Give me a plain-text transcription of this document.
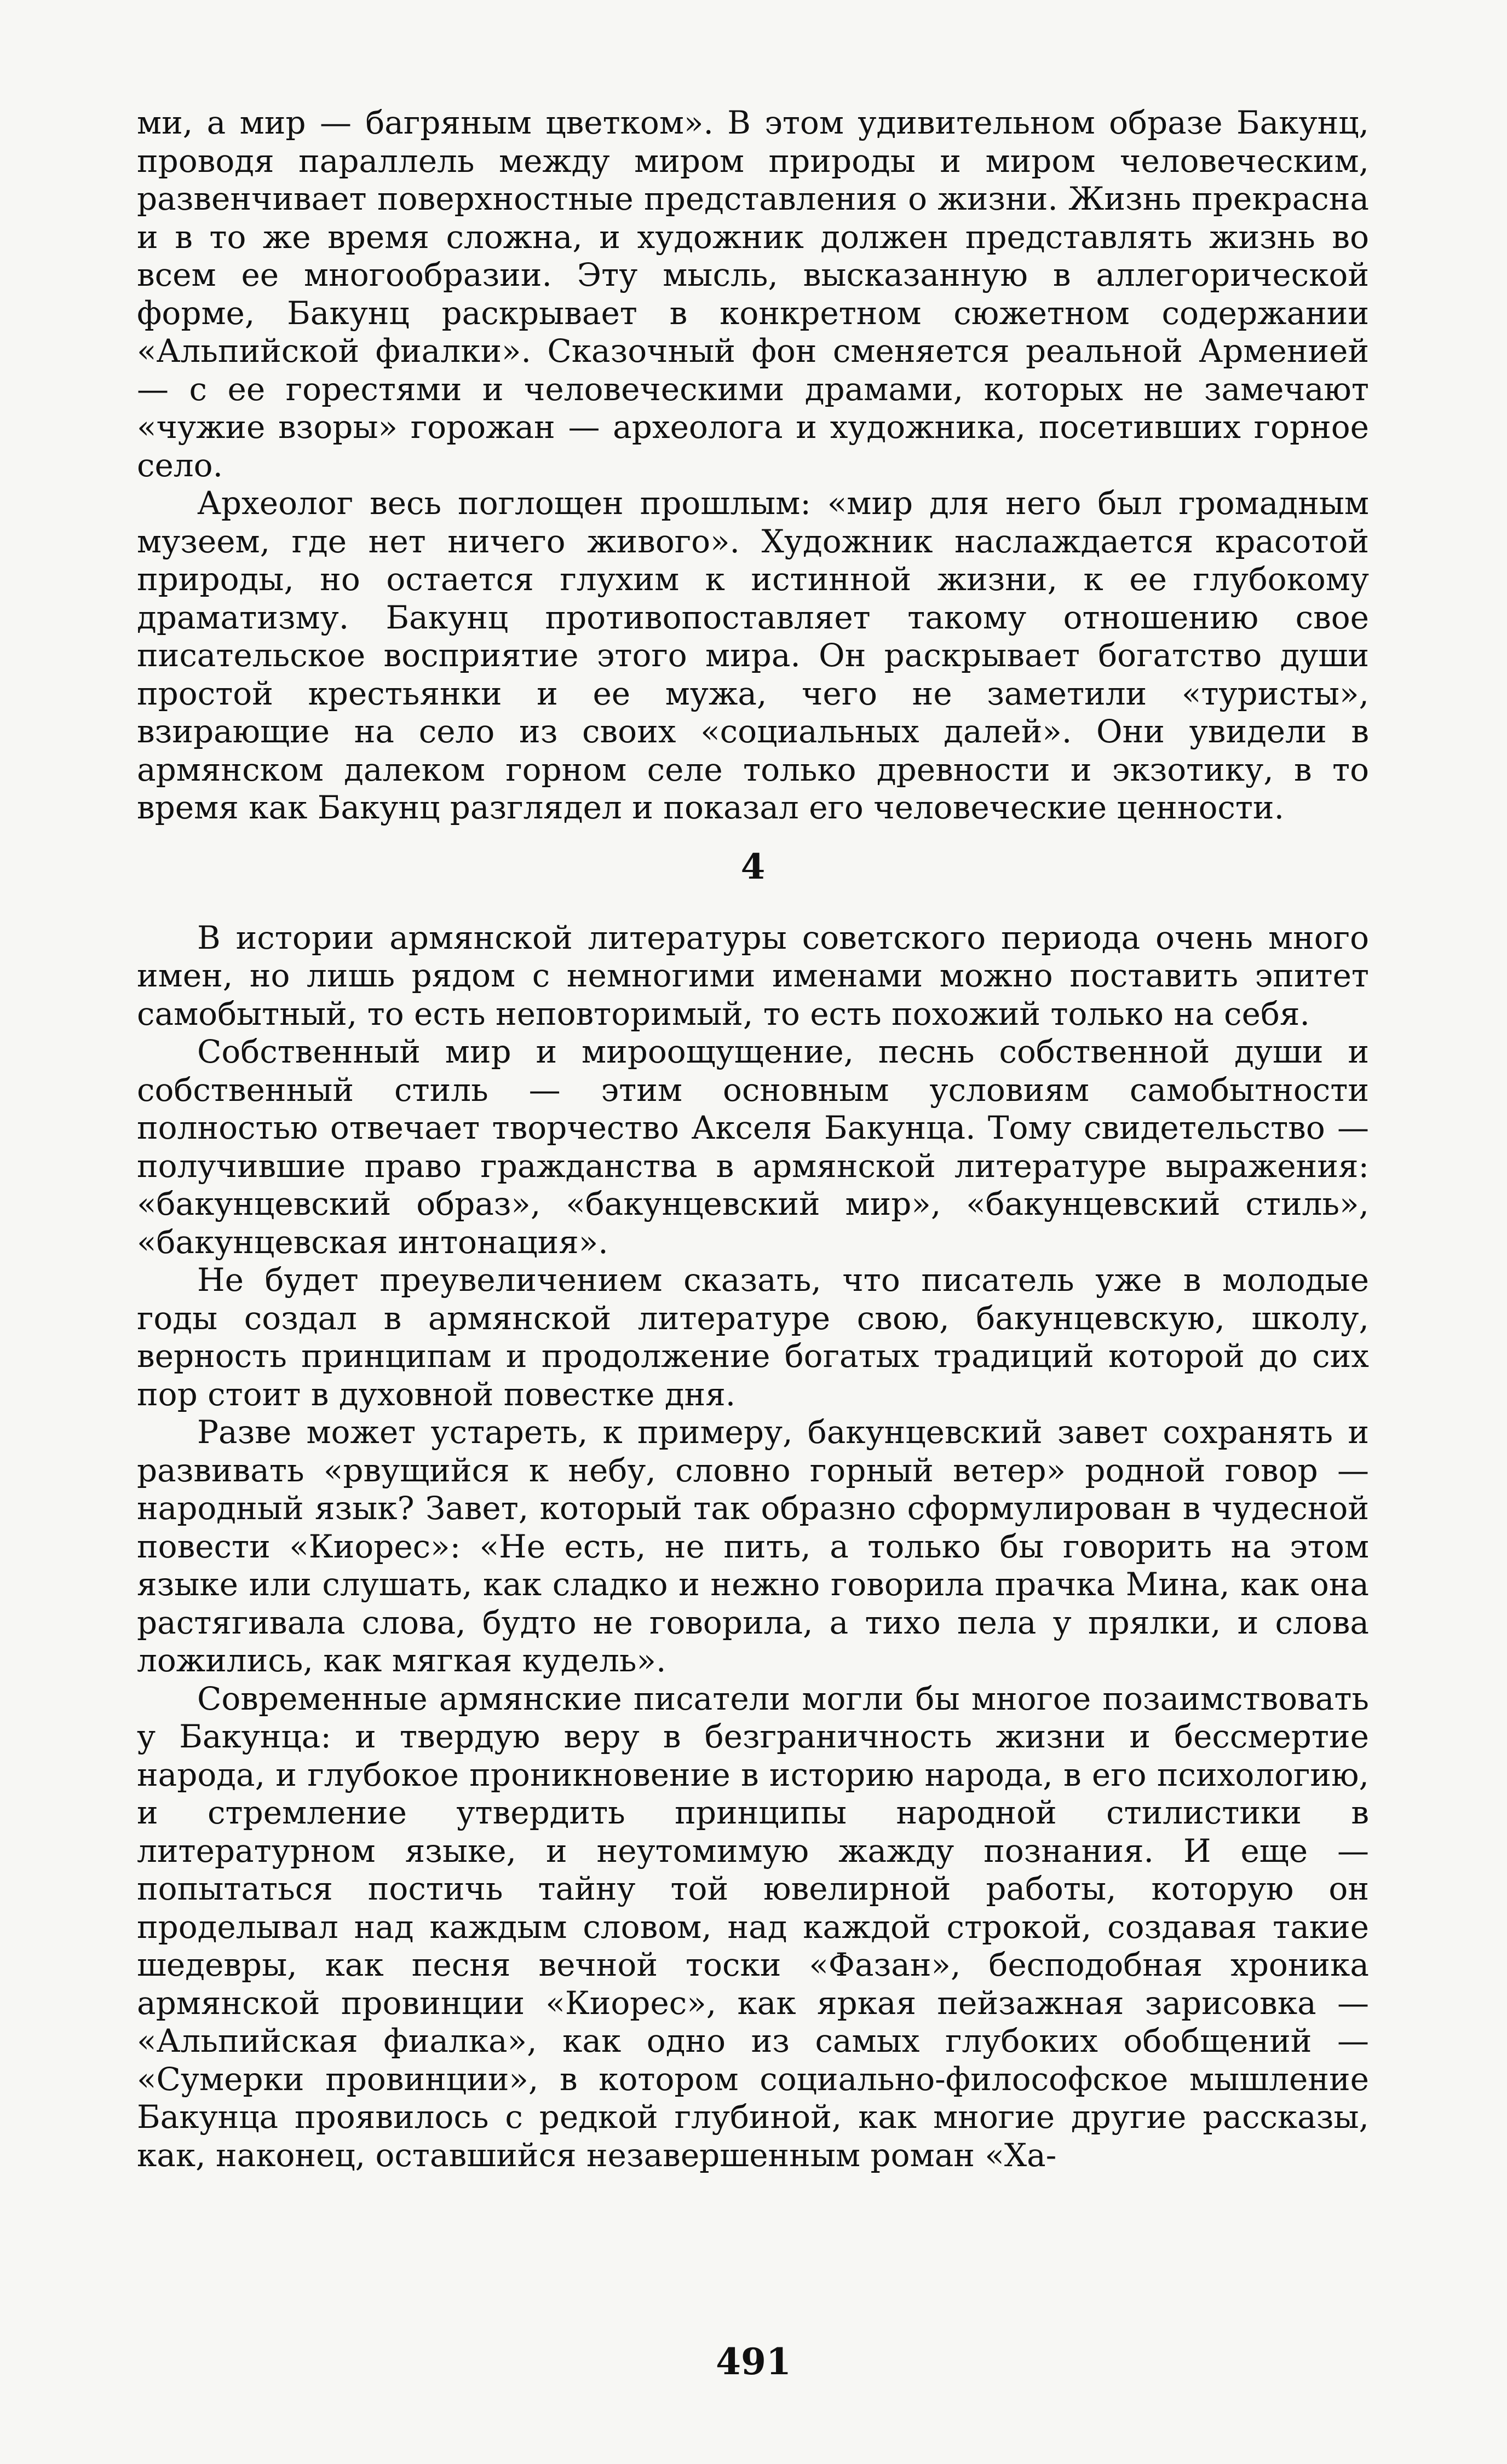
ми, а мир — багряным цветком». В этом удивительном образе Бакунц, проводя параллель между миром природы и миром человеческим, развенчивает поверхностные представления о жизни. Жизнь прекрасна и в то же время сложна, и художник должен представлять жизнь во всем ее многообразии. Эту мысль, высказанную в аллегорической форме, Бакунц раскрывает в конкретном сюжетном содержании «Альпийской фиалки». Сказочный фон сменяется реальной Арменией — с ее горестями и человеческими драмами, которых не замечают «чужие взоры» горожан — археолога и художника, посетивших горное село.

Археолог весь поглощен прошлым: «мир для него был громадным музеем, где нет ничего живого». Художник наслаждается красотой природы, но остается глухим к истинной жизни, к ее глубокому драматизму. Бакунц противопоставляет такому отношению свое писательское восприятие этого мира. Он раскрывает богатство души простой крестьянки и ее мужа, чего не заметили «туристы», взирающие на село из своих «социальных далей». Они увидели в армянском далеком горном селе только древности и экзотику, в то время как Бакунц разглядел и показал его человеческие ценности.

4

В истории армянской литературы советского периода очень много имен, но лишь рядом с немногими именами можно поставить эпитет самобытный, то есть неповторимый, то есть похожий только на себя.

Собственный мир и мироощущение, песнь собственной души и собственный стиль — этим основным условиям самобытности полностью отвечает творчество Акселя Бакунца. Тому свидетельство — получившие право гражданства в армянской литературе выражения: «бакунцевский образ», «бакунцевский мир», «бакунцевский стиль», «бакунцевская интонация».

Не будет преувеличением сказать, что писатель уже в молодые годы создал в армянской литературе свою, бакунцевскую, школу, верность принципам и продолжение богатых традиций которой до сих пор стоит в духовной повестке дня.

Разве может устареть, к примеру, бакунцевский завет сохранять и развивать «рвущийся к небу, словно горный ветер» родной говор — народный язык? Завет, который так образно сформулирован в чудесной повести «Киорес»: «Не есть, не пить, а только бы говорить на этом языке или слушать, как сладко и нежно говорила прачка Мина, как она растягивала слова, будто не говорила, а тихо пела у прялки, и слова ложились, как мягкая кудель».

Современные армянские писатели могли бы многое позаимствовать у Бакунца: и твердую веру в безграничность жизни и бессмертие народа, и глубокое проникновение в историю народа, в его психологию, и стремление утвердить принципы народной стилистики в литературном языке, и неутомимую жажду познания. И еще — попытаться постичь тайну той ювелирной работы, которую он проделывал над каждым словом, над каждой строкой, создавая такие шедевры, как песня вечной тоски «Фазан», бесподобная хроника армянской провинции «Киорес», как яркая пейзажная зарисовка — «Альпийская фиалка», как одно из самых глубоких обобщений — «Сумерки провинции», в котором социально-философское мышление Бакунца проявилось с редкой глубиной, как многие другие рассказы, как, наконец, оставшийся незавершенным роман «Ха-

491
